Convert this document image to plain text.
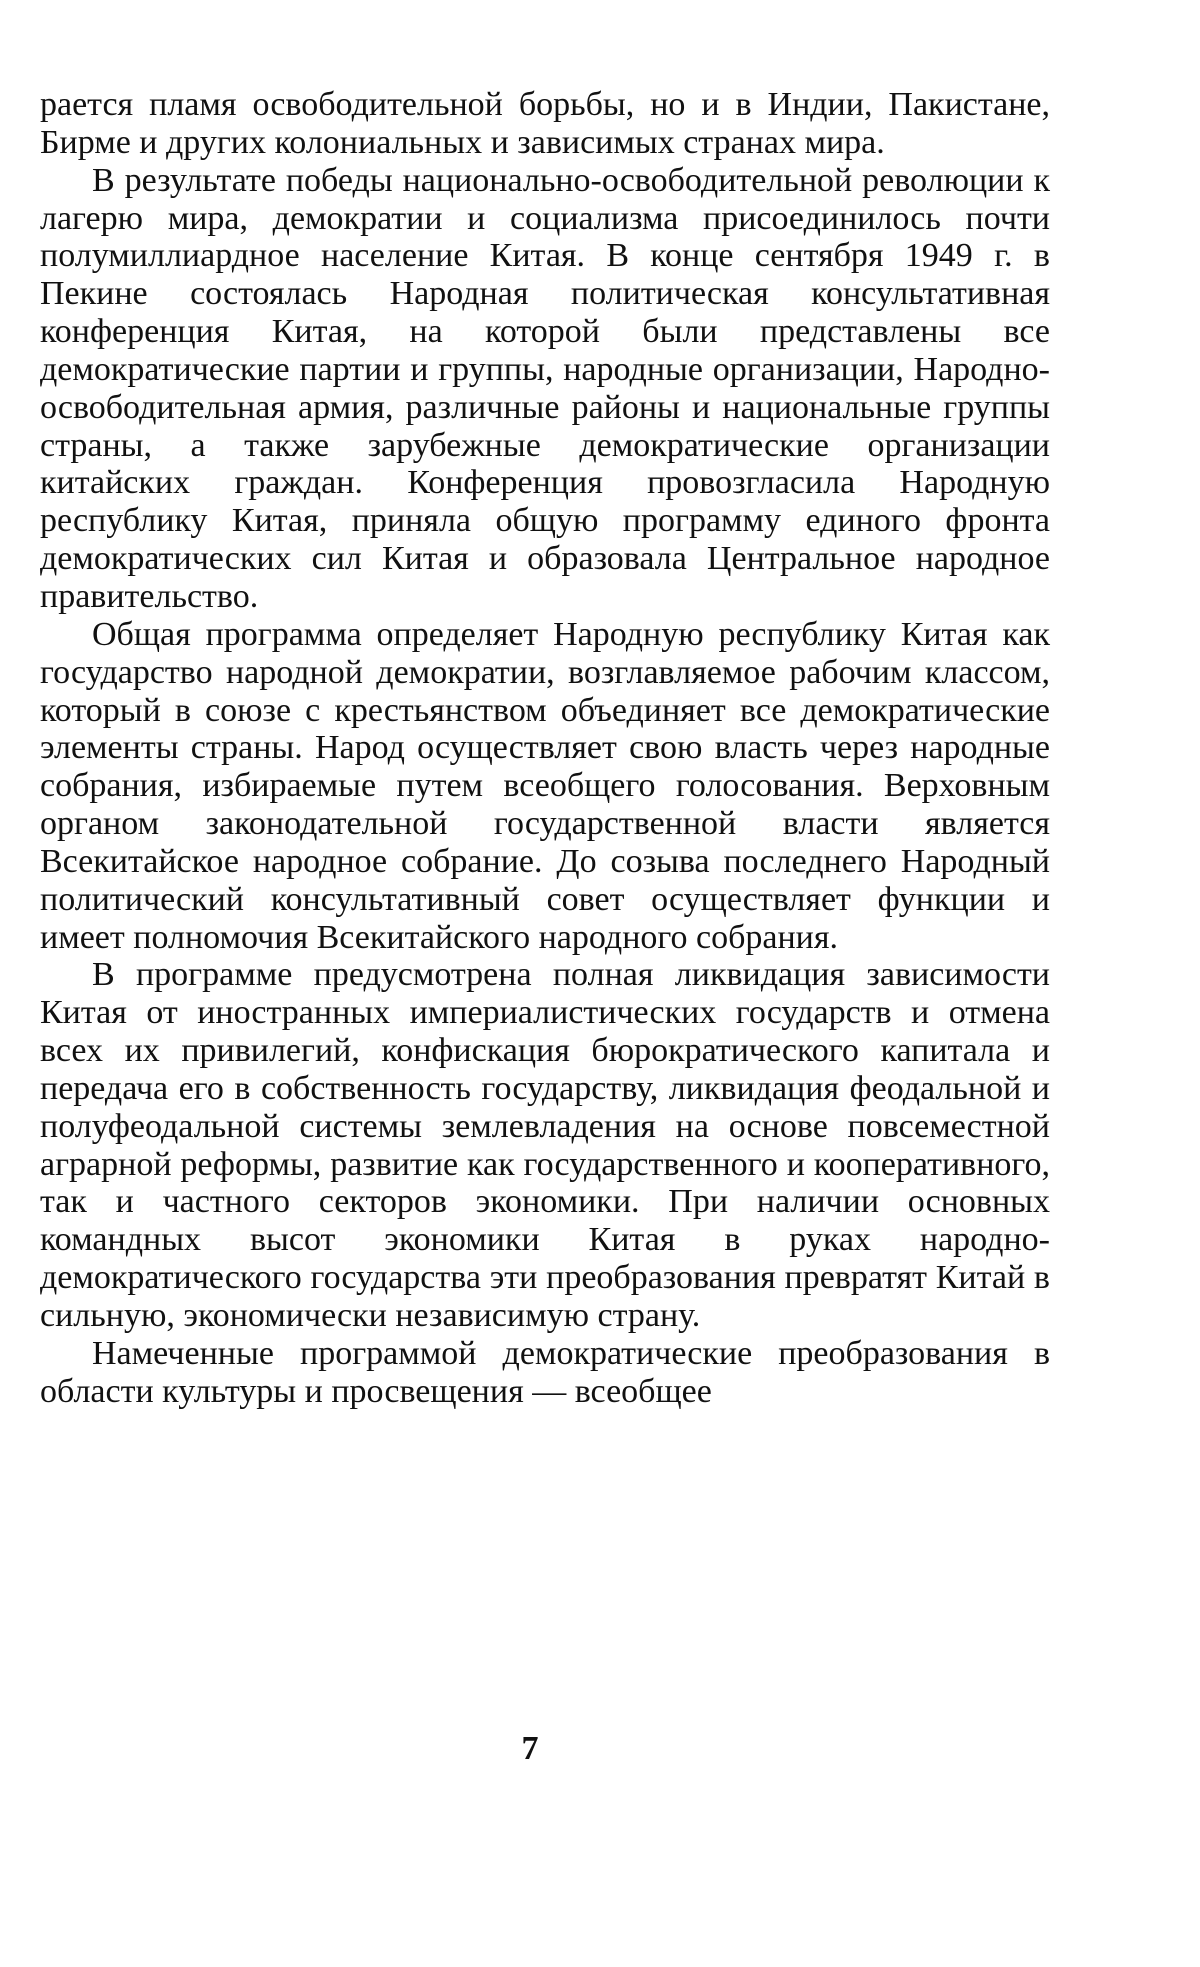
рается пламя освободительной борьбы, но и в Индии, Пакистане, Бирме и других колониальных и зависимых странах мира.

В результате победы национально-освободительной революции к лагерю мира, демократии и социализма присоединилось почти полумиллиардное население Китая. В конце сентября 1949 г. в Пекине состоялась Народная политическая консультативная конференция Китая, на которой были представлены все демократические партии и группы, народные организации, Народно-освободительная армия, различные районы и национальные группы страны, а также зарубежные демократические организации китайских граждан. Конференция провозгласила Народную республику Китая, приняла общую программу единого фронта демократических сил Китая и образовала Центральное народное правительство.

Общая программа определяет Народную республику Китая как государство народной демократии, возглавляемое рабочим классом, который в союзе с крестьянством объединяет все демократические элементы страны. Народ осуществляет свою власть через народные собрания, избираемые путем всеобщего голосования. Верховным органом законодательной государственной власти является Всекитайское народное собрание. До созыва последнего Народный политический консультативный совет осуществляет функции и имеет полномочия Всекитайского народного собрания.

В программе предусмотрена полная ликвидация зависимости Китая от иностранных империалистических государств и отмена всех их привилегий, конфискация бюрократического капитала и передача его в собственность государству, ликвидация феодальной и полуфеодальной системы землевладения на основе повсеместной аграрной реформы, развитие как государственного и кооперативного, так и частного секторов экономики. При наличии основных командных высот экономики Китая в руках народно-демократического государства эти преобразования превратят Китай в сильную, экономически независимую страну.

Намеченные программой демократические преобразования в области культуры и просвещения — всеобщее

7
